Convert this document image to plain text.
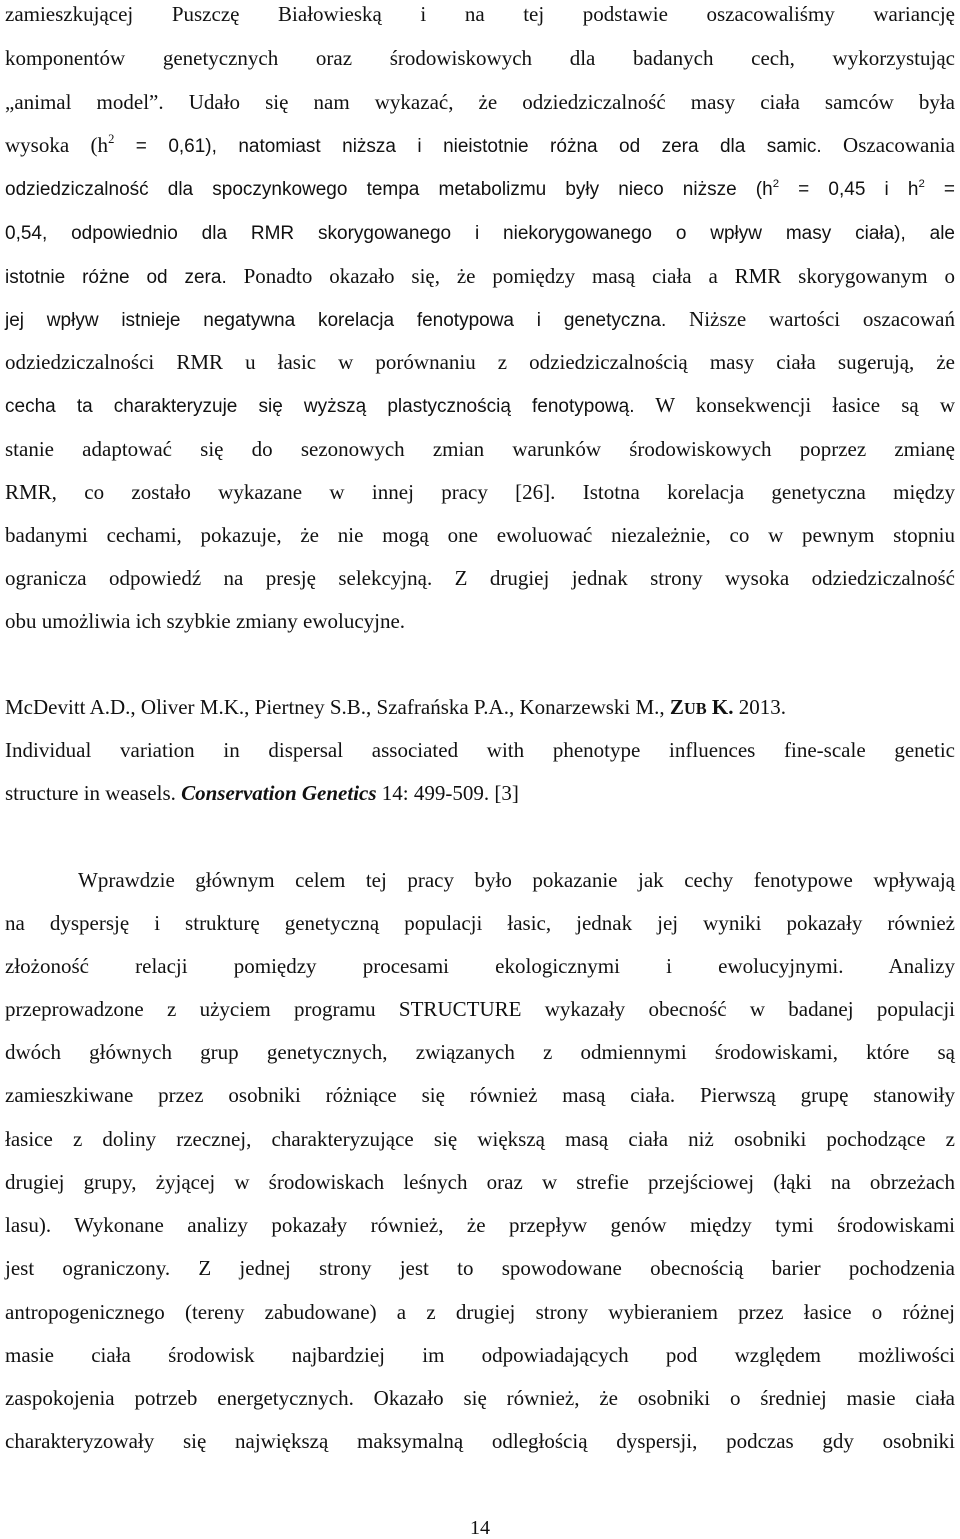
zamieszkującej Puszczę Białowieską i na tej podstawie oszacowaliśmy wariancję
komponentów genetycznych oraz środowiskowych dla badanych cech, wykorzystując
„animal model”. Udało się nam wykazać, że odziedziczalność masy ciała samców była
wysoka $(h^2 = 0,61)$, natomiast niższa i nieistotnie różna od zera dla samic. Oszacowania
odziedziczalność dla spoczynkowego tempa metabolizmu były nieco niższe ($h^2 = 0,45$ i $h^2$ =
0,54, odpowiednio dla RMR skorygowanego i niekorygowanego o wpływ masy ciała), ale
istotnie różne od zera. Ponadto okazało się, że pomiędzy masą ciała a RMR skorygowanym o
jej wpływ istnieje negatywna korelacja fenotypowa i genetyczna. Niższe wartości oszacowań
odziedziczalności RMR u łasic w porównaniu z odziedziczalnością masy ciała sugerują, że
cecha ta charakteryzuje się wyższą plastycznością fenotypową. W konsekwencji łasice są w
stanie adaptować się do sezonowych zmian warunków środowiskowych poprzez zmianę
RMR, co zostało wykazane w innej pracy [26]. Istotna korelacja genetyczna między
badanymi cechami, pokazuje, że nie mogą one ewoluować niezależnie, co w pewnym stopniu
ogranicza odpowiedź na presję selekcyjną. Z drugiej jednak strony wysoka odziedziczalność
obu umożliwia ich szybkie zmiany ewolucyjne.
McDevitt A.D., Oliver M.K., Piertney S.B., Szafrańska P.A., Konarzewski M., ZUB K. 2013.
Individual variation in dispersal associated with phenotype influences fine-scale genetic
structure in weasels. Conservation Genetics 14: 499-509. [3]
Wprawdzie głównym celem tej pracy było pokazanie jak cechy fenotypowe wpływają
na dyspersję i strukturę genetyczną populacji łasic, jednak jej wyniki pokazały również
złożoność relacji pomiędzy procesami ekologicznymi i ewolucyjnymi. Analizy
przeprowadzone z użyciem programu STRUCTURE wykazały obecność w badanej populacji
dwóch głównych grup genetycznych, związanych z odmiennymi środowiskami, które są
zamieszkiwane przez osobniki różniące się również masą ciała. Pierwszą grupę stanowiły
łasice z doliny rzecznej, charakteryzujące się większą masą ciała niż osobniki pochodzące z
drugiej grupy, żyjącej w środowiskach leśnych oraz w strefie przejściowej (łąki na obrzeżach
lasu). Wykonane analizy pokazały również, że przepływ genów między tymi środowiskami
jest ograniczony. Z jednej strony jest to spowodowane obecnością barier pochodzenia
antropogenicznego (tereny zabudowane) a z drugiej strony wybieraniem przez łasice o różnej
masie ciała środowisk najbardziej im odpowiadających pod względem możliwości
zaspokojenia potrzeb energetycznych. Okazało się również, że osobniki o średniej masie ciała
charakteryzowały się największą maksymalną odległością dyspersji, podczas gdy osobniki
14
